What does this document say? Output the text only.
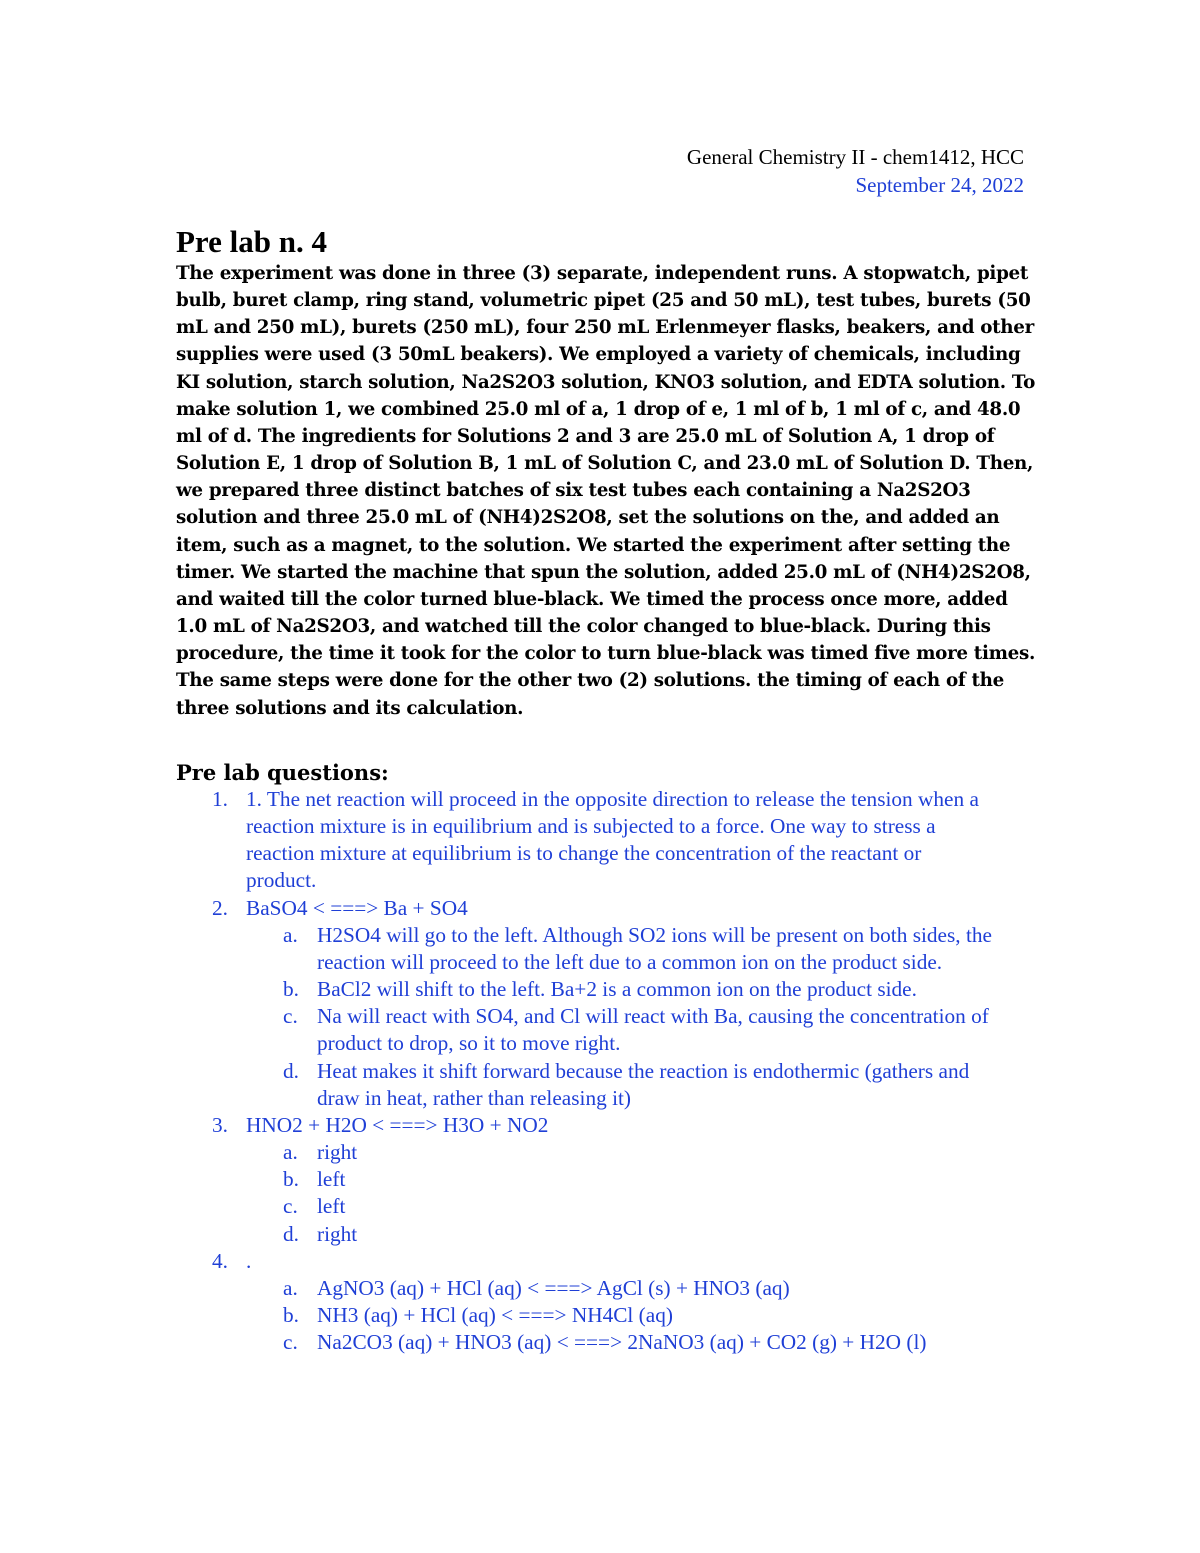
General Chemistry II - chem1412, HCC
September 24, 2022
Pre lab n. 4

The experiment was done in three (3) separate, independent runs. A stopwatch, pipet bulb, buret clamp, ring stand, volumetric pipet (25 and 50 mL), test tubes, burets (50 mL and 250 mL), burets (250 mL), four 250 mL Erlenmeyer flasks, beakers, and other supplies were used (3 50mL beakers). We employed a variety of chemicals, including KI solution, starch solution, Na2S2O3 solution, KNO3 solution, and EDTA solution. To make solution 1, we combined 25.0 ml of a, 1 drop of e, 1 ml of b, 1 ml of c, and 48.0 ml of d. The ingredients for Solutions 2 and 3 are 25.0 mL of Solution A, 1 drop of Solution E, 1 drop of Solution B, 1 mL of Solution C, and 23.0 mL of Solution D. Then, we prepared three distinct batches of six test tubes each containing a Na2S2O3 solution and three 25.0 mL of (NH4)2S2O8, set the solutions on the, and added an item, such as a magnet, to the solution. We started the experiment after setting the timer. We started the machine that spun the solution, added 25.0 mL of (NH4)2S2O8, and waited till the color turned blue-black. We timed the process once more, added 1.0 mL of Na2S2O3, and watched till the color changed to blue-black. During this procedure, the time it took for the color to turn blue-black was timed five more times. The same steps were done for the other two (2) solutions. the timing of each of the three solutions and its calculation.

Pre lab questions:
1. 1. The net reaction will proceed in the opposite direction to release the tension when a reaction mixture is in equilibrium and is subjected to a force. One way to stress a reaction mixture at equilibrium is to change the concentration of the reactant or product.
2. BaSO4 < ===> Ba + SO4
a. H2SO4 will go to the left. Although SO2 ions will be present on both sides, the reaction will proceed to the left due to a common ion on the product side.
b. BaCl2 will shift to the left. Ba+2 is a common ion on the product side.
c. Na will react with SO4, and Cl will react with Ba, causing the concentration of product to drop, so it to move right.
d. Heat makes it shift forward because the reaction is endothermic (gathers and draw in heat, rather than releasing it)
3. HNO2 + H2O < ===> H3O + NO2
a. right
b. left
c. left
d. right
4. .
a. AgNO3 (aq) + HCl (aq) < ===> AgCl (s) + HNO3 (aq)
b. NH3 (aq) + HCl (aq) < ===> NH4Cl (aq)
c. Na2CO3 (aq) + HNO3 (aq) < ===> 2NaNO3 (aq) + CO2 (g) + H2O (l)
